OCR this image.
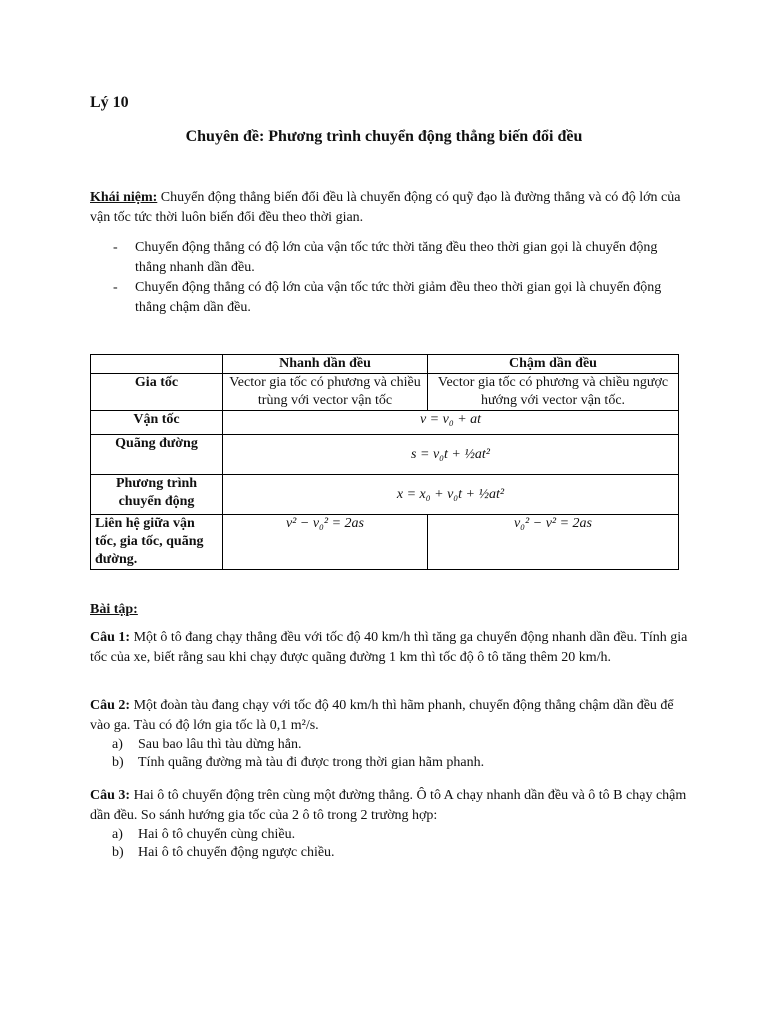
Lý 10
Chuyên đề: Phương trình chuyển động thẳng biến đổi đều
Khái niệm: Chuyển động thẳng biến đổi đều là chuyển động có quỹ đạo là đường thẳng và có độ lớn của vận tốc tức thời luôn biến đổi đều theo thời gian.
- Chuyển động thẳng có độ lớn của vận tốc tức thời tăng đều theo thời gian gọi là chuyển động thẳng nhanh dần đều.
- Chuyển động thẳng có độ lớn của vận tốc tức thời giảm đều theo thời gian gọi là chuyển động thẳng chậm dần đều.
	Nhanh dần đều	Chậm dần đều
Gia tốc	Vector gia tốc có phương và chiều trùng với vector vận tốc	Vector gia tốc có phương và chiều ngược hướng với vector vận tốc.
Vận tốc	v = v₀ + at	
Quãng đường	s = v₀t + ½at²	
Phương trình chuyển động	x = x₀ + v₀t + ½at²	
Liên hệ giữa vận tốc, gia tốc, quãng đường.	v² − v₀² = 2as	v₀² − v² = 2as
Bài tập:
Câu 1: Một ô tô đang chạy thẳng đều với tốc độ 40 km/h thì tăng ga chuyển động nhanh dần đều. Tính gia tốc của xe, biết rằng sau khi chạy được quãng đường 1 km thì tốc độ ô tô tăng thêm 20 km/h.
Câu 2: Một đoàn tàu đang chạy với tốc độ 40 km/h thì hãm phanh, chuyển động thẳng chậm dần đều để vào ga. Tàu có độ lớn gia tốc là 0,1 m²/s.
a) Sau bao lâu thì tàu dừng hẳn.
b) Tính quãng đường mà tàu đi được trong thời gian hãm phanh.
Câu 3: Hai ô tô chuyển động trên cùng một đường thẳng. Ô tô A chạy nhanh dần đều và ô tô B chạy chậm dần đều. So sánh hướng gia tốc của 2 ô tô trong 2 trường hợp:
a) Hai ô tô chuyển cùng chiều.
b) Hai ô tô chuyển động ngược chiều.
